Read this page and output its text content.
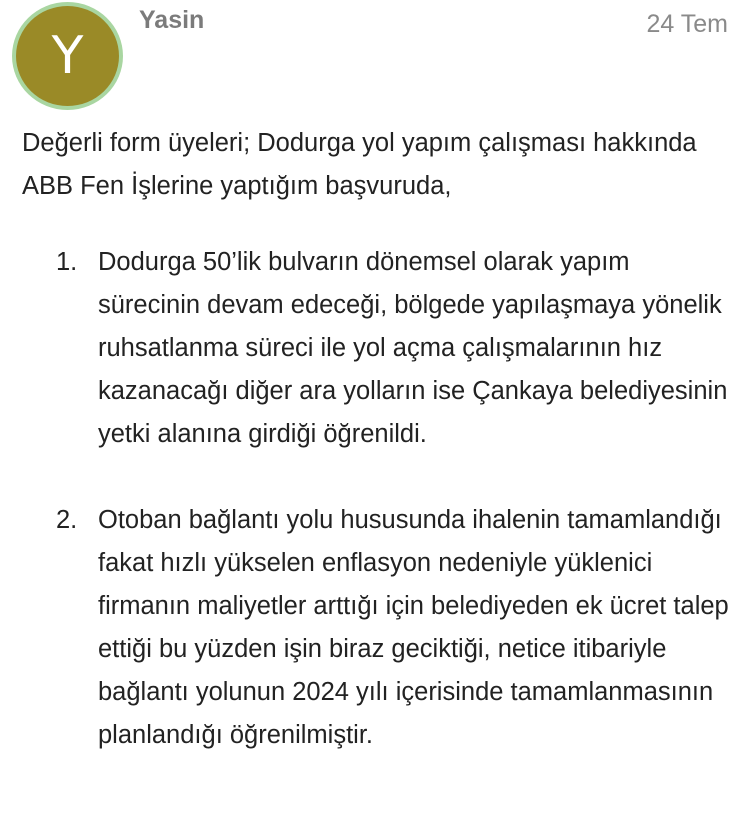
Y
Yasin	24 Tem

Değerli form üyeleri; Dodurga yol yapım çalışması hakkında ABB Fen İşlerine yaptığım başvuruda,

1. Dodurga 50’lik bulvarın dönemsel olarak yapım sürecinin devam edeceği, bölgede yapılaşmaya yönelik ruhsatlanma süreci ile yol açma çalışmalarının hız kazanacağı diğer ara yolların ise Çankaya belediyesinin yetki alanına girdiği öğrenildi.
2. Otoban bağlantı yolu hususunda ihalenin tamamlandığı fakat hızlı yükselen enflasyon nedeniyle yüklenici firmanın maliyetler arttığı için belediyeden ek ücret talep ettiği bu yüzden işin biraz geciktiği, netice itibariyle bağlantı yolunun 2024 yılı içerisinde tamamlanmasının planlandığı öğrenilmiştir.
